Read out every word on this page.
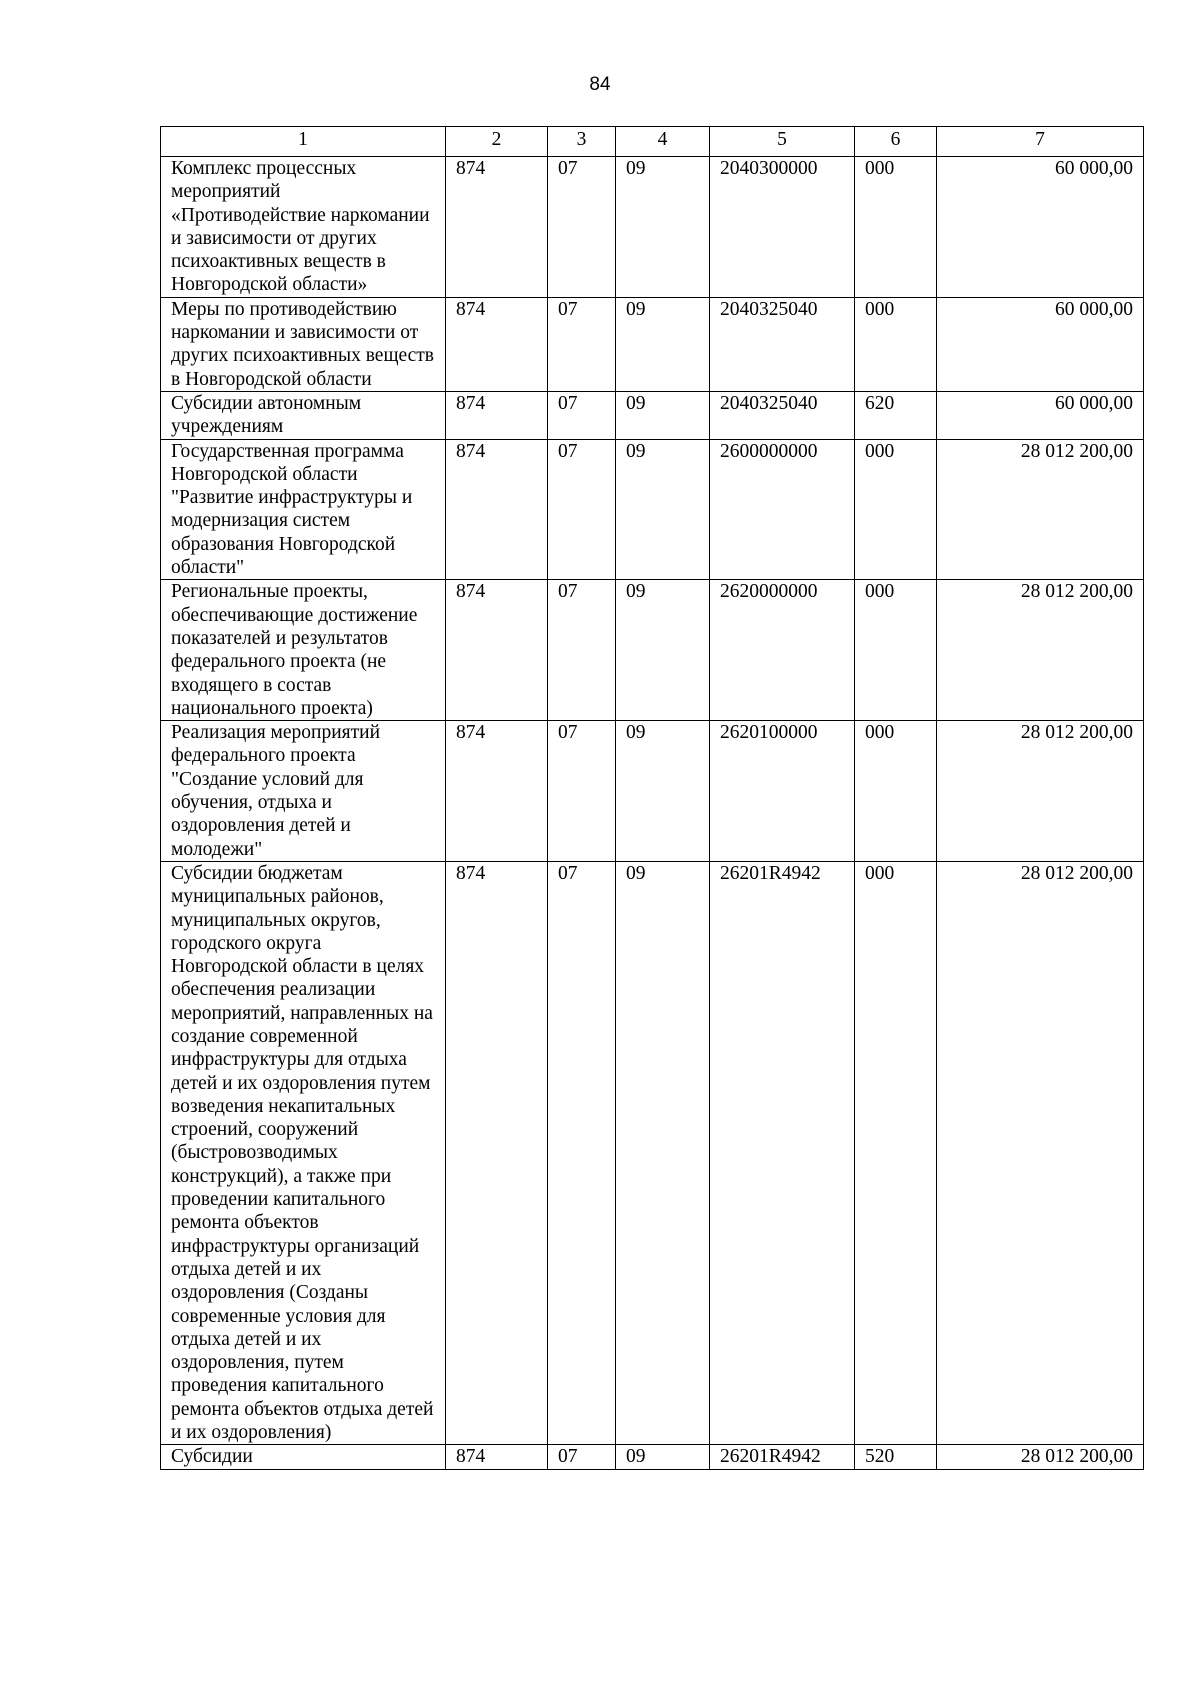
84
1	2	3	4	5	6	7
Комплекс процессных мероприятий «Противодействие наркомании и зависимости от других психоактивных веществ в Новгородской области»	874	07	09	2040300000	000	60 000,00
Меры по противодействию наркомании и зависимости от других психоактивных веществ в Новгородской области	874	07	09	2040325040	000	60 000,00
Субсидии автономным учреждениям	874	07	09	2040325040	620	60 000,00
Государственная программа Новгородской области "Развитие инфраструктуры и модернизация систем образования Новгородской области"	874	07	09	2600000000	000	28 012 200,00
Региональные проекты, обеспечивающие достижение показателей и результатов федерального проекта (не входящего в состав национального проекта)	874	07	09	2620000000	000	28 012 200,00
Реализация мероприятий федерального проекта "Создание условий для обучения, отдыха и оздоровления детей и молодежи"	874	07	09	2620100000	000	28 012 200,00
Субсидии бюджетам муниципальных районов, муниципальных округов, городского округа Новгородской области в целях обеспечения реализации мероприятий, направленных на создание современной инфраструктуры для отдыха детей и их оздоровления путем возведения некапитальных строений, сооружений (быстровозводимых конструкций), а также при проведении капитального ремонта объектов инфраструктуры организаций отдыха детей и их оздоровления (Созданы современные условия для отдыха детей и их оздоровления, путем проведения капитального ремонта объектов отдыха детей и их оздоровления)	874	07	09	26201R4942	000	28 012 200,00
Субсидии	874	07	09	26201R4942	520	28 012 200,00
